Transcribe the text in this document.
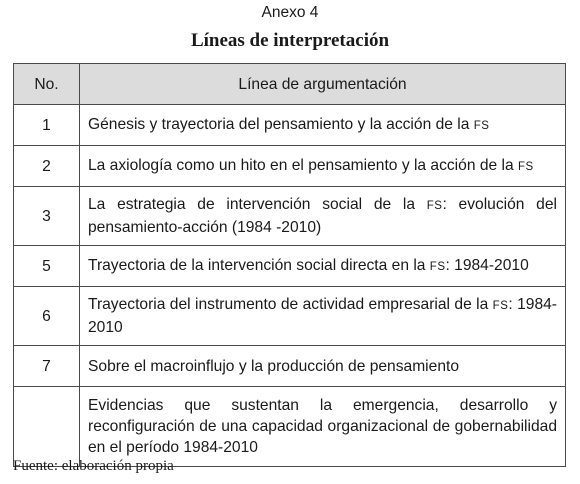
Anexo 4
Líneas de interpretación
No.	Línea de argumentación
1	Génesis y trayectoria del pensamiento y la acción de la FS
2	La axiología como un hito en el pensamiento y la acción de la FS
3	La estrategia de intervención social de la FS: evolución del pensamiento-acción (1984 -2010)
5	Trayectoria de la intervención social directa en la FS: 1984-2010
6	Trayectoria del instrumento de actividad empresarial de la FS: 1984-2010
7	Sobre el macroinflujo y la producción de pensamiento
	Evidencias que sustentan la emergencia, desarrollo y reconfiguración de una capacidad organizacional de gobernabilidad en el período 1984-2010
Fuente: elaboración propia
